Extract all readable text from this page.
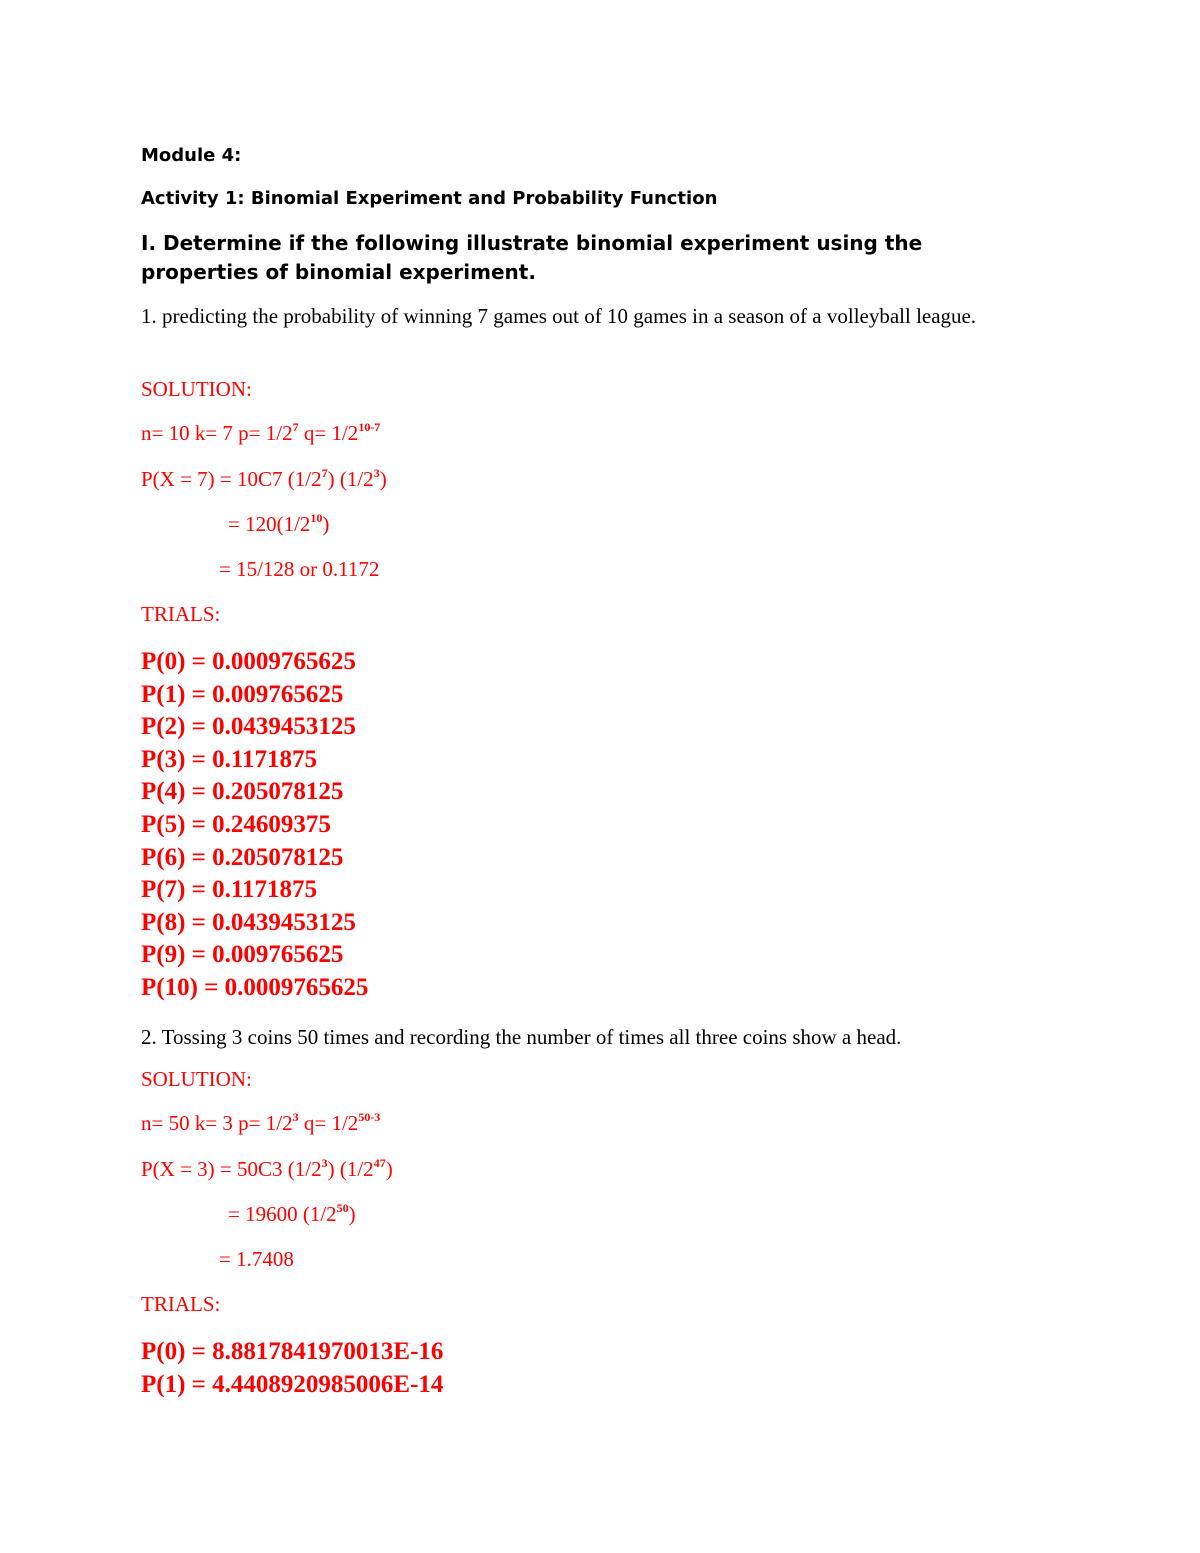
Module 4:

Activity 1: Binomial Experiment and Probability Function

I. Determine if the following illustrate binomial experiment using the properties of binomial experiment.

1. predicting the probability of winning 7 games out of 10 games in a season of a volleyball league.

SOLUTION:

n= 10 k= 7 $p= 1/2^7$ $q= 1/2^{10-7}$

P(X = 7) = 10C7 $(1/2^7)$ $(1/2^3)$

= $120(1/2^{10})$

= 15/128 or 0.1172

TRIALS:

P(0) = 0.0009765625
P(1) = 0.009765625
P(2) = 0.0439453125
P(3) = 0.1171875
P(4) = 0.205078125
P(5) = 0.24609375
P(6) = 0.205078125
P(7) = 0.1171875
P(8) = 0.0439453125
P(9) = 0.009765625
P(10) = 0.0009765625

2. Tossing 3 coins 50 times and recording the number of times all three coins show a head.

SOLUTION:

n= 50 k= 3 $p= 1/2^3$ $q= 1/2^{50-3}$

P(X = 3) = 50C3 $(1/2^3)$ $(1/2^{47})$

= 19600 $(1/2^{50})$

= 1.7408

TRIALS:

P(0) = 8.8817841970013E-16
P(1) = 4.4408920985006E-14
